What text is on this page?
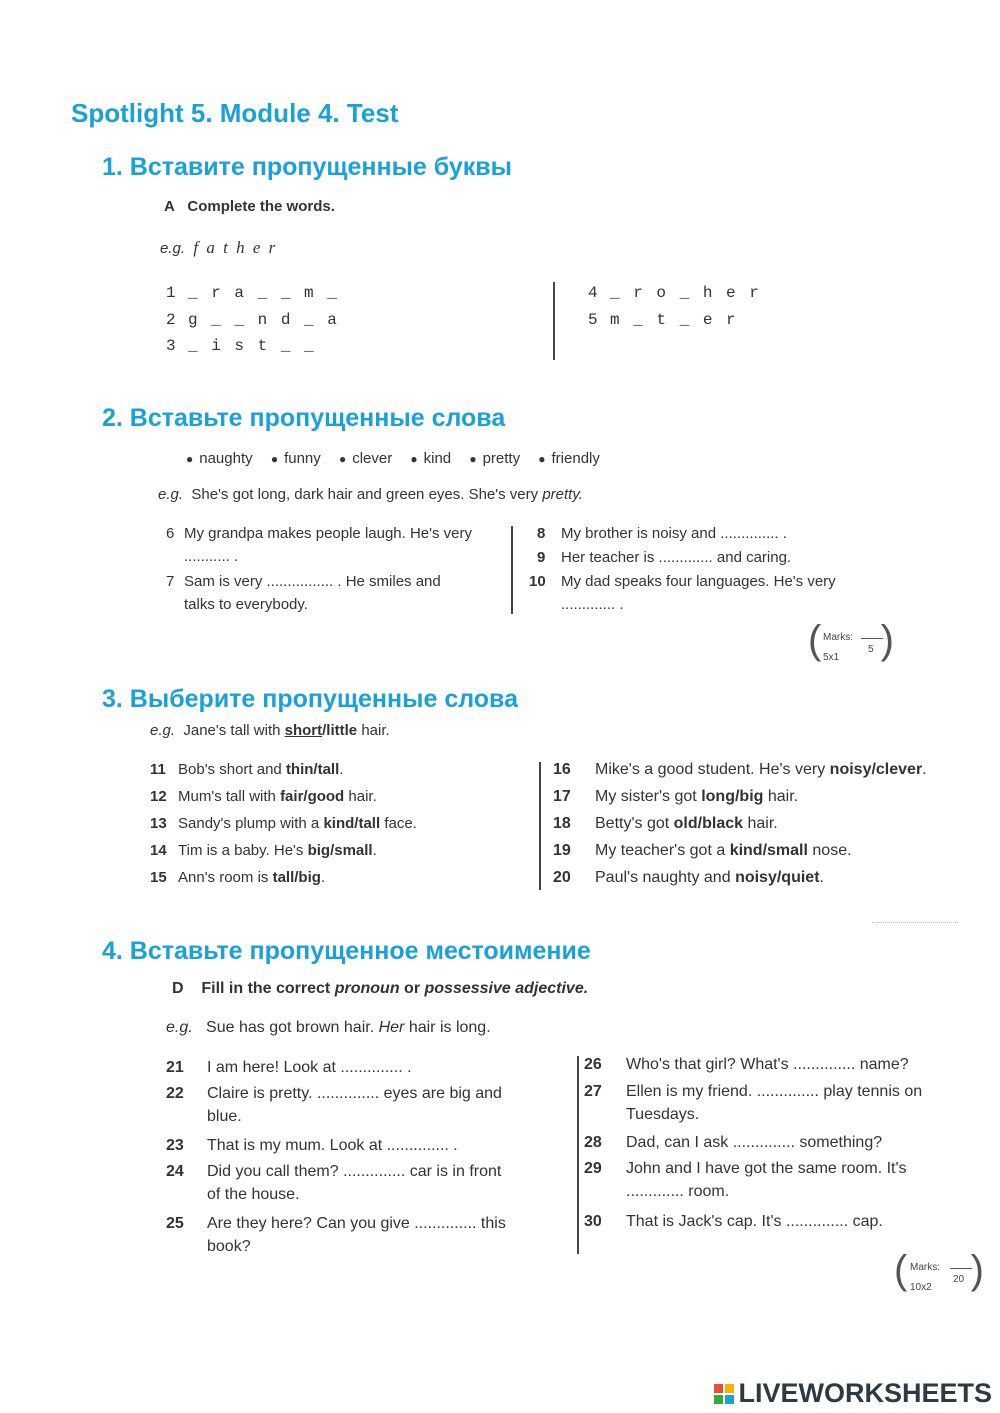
Spotlight 5. Module 4. Test
1. Вставите пропущенные буквы
A Complete the words.
e.g. f a t h e r
1 _ r a _ _ m _
2 g _ _ n d _ a
3 _ i s t _ _
4 _ r o _ h e r
5 m _ t _ e r
2. Вставьте пропущенные слова
● naughty ● funny ● clever ● kind ● pretty ● friendly
e.g. She's got long, dark hair and green eyes. She's very pretty.
6 My grandpa makes people laugh. He's very
........... .
7 Sam is very ................ . He smiles and
talks to everybody.
8 My brother is noisy and .............. .
9 Her teacher is ............. and caring.
10 My dad speaks four languages. He's very
............. .
( )
Marks:
5
5x1
3. Выберите пропущенные слова
e.g. Jane's tall with short/little hair.
11 Bob's short and thin/tall.
12 Mum's tall with fair/good hair.
13 Sandy's plump with a kind/tall face.
14 Tim is a baby. He's big/small.
15 Ann's room is tall/big.
16 Mike's a good student. He's very noisy/clever.
17 My sister's got long/big hair.
18 Betty's got old/black hair.
19 My teacher's got a kind/small nose.
20 Paul's naughty and noisy/quiet.
4. Вставьте пропущенное местоимение
D Fill in the correct pronoun or possessive adjective.
e.g. Sue has got brown hair. Her hair is long.
21	I am here! Look at .............. .
22	Claire is pretty. .............. eyes are big and
blue.
23	That is my mum. Look at .............. .
24	Did you call them? .............. car is in front
of the house.
25	Are they here? Can you give .............. this
book?
26	Who's that girl? What's .............. name?
27	Ellen is my friend. .............. play tennis on
Tuesdays.
28	Dad, can I ask .............. something?
29	John and I have got the same room. It's
............. room.
30	That is Jack's cap. It's .............. cap.
( )
Marks:
20
10x2
LIVEWORKSHEETS
